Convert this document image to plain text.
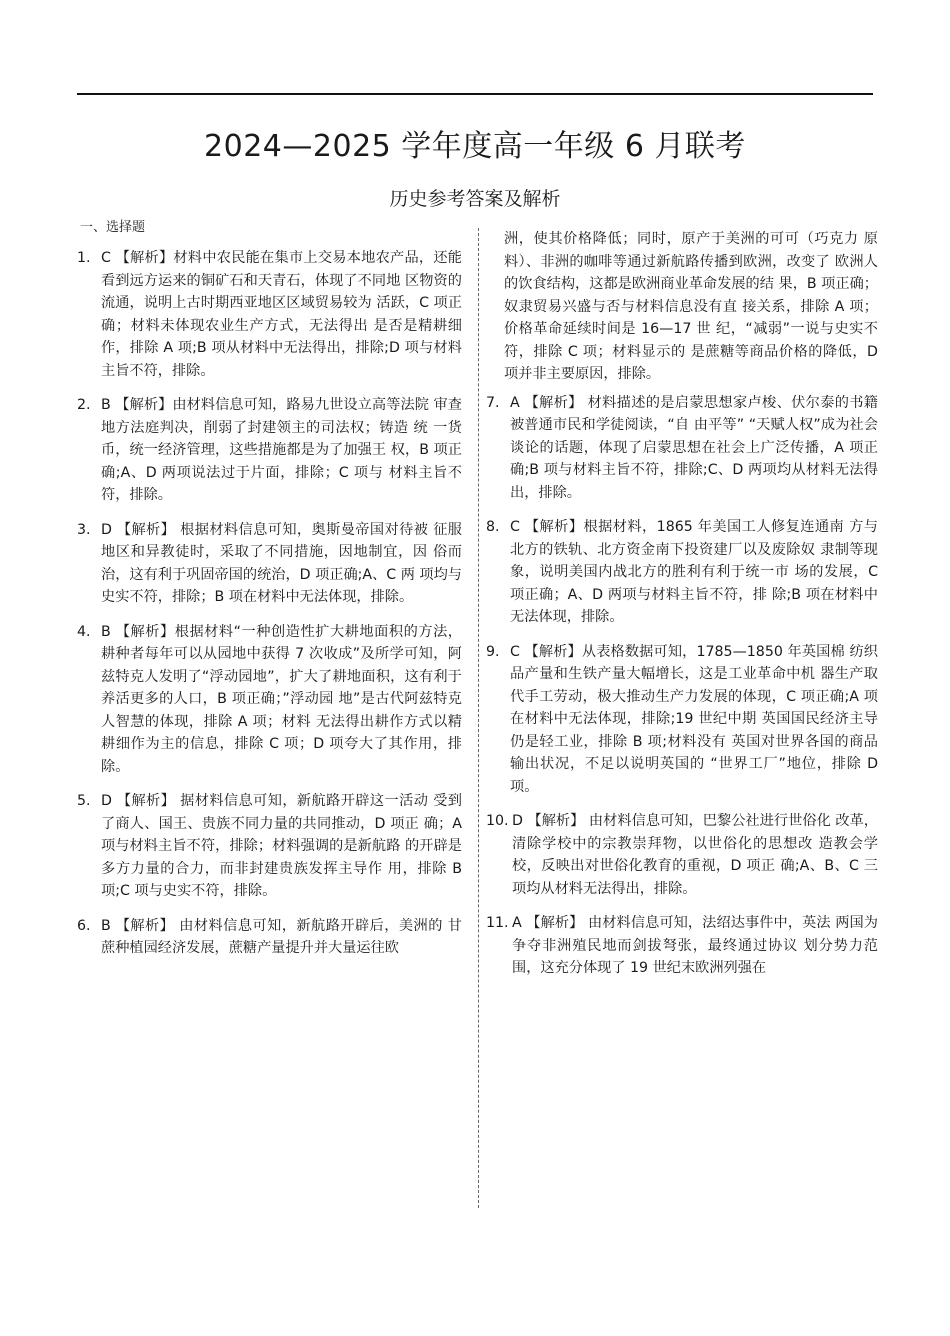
2024—2025 学年度高一年级 6 月联考
历史参考答案及解析
一、选择题
1. C 【解析】材料中农民能在集市上交易本地农产品，还能看到远方运来的铜矿石和天青石，体现了不同地 区物资的流通，说明上古时期西亚地区区域贸易较为 活跃，C 项正确；材料未体现农业生产方式，无法得出 是否是精耕细作，排除 A 项;B 项从材料中无法得出，排除;D 项与材料主旨不符，排除。
2. B 【解析】由材料信息可知，路易九世设立高等法院 审查地方法庭判决，削弱了封建领主的司法权；铸造 统 一货币，统一经济管理，这些措施都是为了加强王 权，B 项正确;A、D 两项说法过于片面，排除；C 项与 材料主旨不符，排除。
3. D 【解析】 根据材料信息可知，奥斯曼帝国对待被 征服地区和异教徒时，采取了不同措施，因地制宜，因 俗而治，这有利于巩固帝国的统治，D 项正确;A、C 两 项均与史实不符，排除；B 项在材料中无法体现，排除。
4. B 【解析】根据材料“一种创造性扩大耕地面积的方法，耕种者每年可以从园地中获得 7 次收成”及所学可知，阿兹特克人发明了“浮动园地”，扩大了耕地面积，这有利于养活更多的人口，B 项正确；”浮动园 地”是古代阿兹特克人智慧的体现，排除 A 项；材料 无法得出耕作方式以精耕细作为主的信息，排除 C 项；D 项夸大了其作用，排除。
5. D 【解析】 据材料信息可知，新航路开辟这一活动 受到了商人、国王、贵族不同力量的共同推动，D 项正 确；A 项与材料主旨不符，排除；材料强调的是新航路 的开辟是多方力量的合力，而非封建贵族发挥主导作 用，排除 B 项;C 项与史实不符，排除。
6. B 【解析】 由材料信息可知，新航路开辟后，美洲的 甘蔗种植园经济发展，蔗糖产量提升并大量运往欧
洲，使其价格降低；同时，原产于美洲的可可（巧克力 原料）、非洲的咖啡等通过新航路传播到欧洲，改变了 欧洲人的饮食结构，这都是欧洲商业革命发展的结 果，B 项正确；奴隶贸易兴盛与否与材料信息没有直 接关系，排除 A 项；价格革命延续时间是 16—17 世 纪，“减弱”一说与史实不符，排除 C 项；材料显示的 是蔗糖等商品价格的降低，D 项并非主要原因，排除。
7. A 【解析】 材料描述的是启蒙思想家卢梭、伏尔泰的书籍被普通市民和学徒阅读，“自 由平等” “天赋人权”成为社会谈论的话题，体现了启蒙思想在社会上广泛传播，A 项正确;B 项与材料主旨不符，排除;C、D 两项均从材料无法得出，排除。
8. C 【解析】根据材料，1865 年美国工人修复连通南 方与北方的铁轨、北方资金南下投资建厂以及废除奴 隶制等现象，说明美国内战北方的胜利有利于统一市 场的发展，C 项正确；A、D 两项与材料主旨不符，排 除;B 项在材料中无法体现，排除。
9. C 【解析】从表格数据可知，1785—1850 年英国棉 纺织品产量和生铁产量大幅增长，这是工业革命中机 器生产取代手工劳动，极大推动生产力发展的体现，C 项正确;A 项在材料中无法体现，排除;19 世纪中期 英国国民经济主导仍是轻工业，排除 B 项;材料没有 英国对世界各国的商品输出状况，不足以说明英国的 “世界工厂”地位，排除 D 项。
10. D 【解析】 由材料信息可知，巴黎公社进行世俗化 改革，清除学校中的宗教崇拜物，以世俗化的思想改 造教会学校，反映出对世俗化教育的重视，D 项正 确;A、B、C 三项均从材料无法得出，排除。
11. A 【解析】 由材料信息可知，法绍达事件中，英法 两国为争夺非洲殖民地而剑拔弩张，最终通过协议 划分势力范围，这充分体现了 19 世纪末欧洲列强在
